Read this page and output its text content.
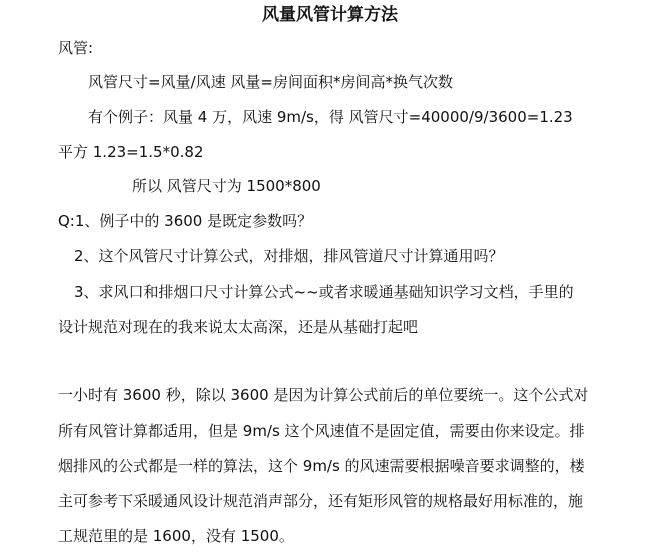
风量风管计算方法
风管:
风管尺寸=风量/风速 风量=房间面积*房间高*换气次数
有个例子：风量 4 万，风速 9m/s，得 风管尺寸=40000/9/3600=1.23
平方 1.23=1.5*0.82
所以 风管尺寸为 1500*800
Q:1、例子中的 3600 是既定参数吗？
2、这个风管尺寸计算公式，对排烟，排风管道尺寸计算通用吗？
3、求风口和排烟口尺寸计算公式~~或者求暖通基础知识学习文档，手里的
设计规范对现在的我来说太太高深，还是从基础打起吧
一小时有 3600 秒，除以 3600 是因为计算公式前后的单位要统一。这个公式对
所有风管计算都适用，但是 9m/s 这个风速值不是固定值，需要由你来设定。排
烟排风的公式都是一样的算法，这个 9m/s 的风速需要根据噪音要求调整的，楼
主可参考下采暖通风设计规范消声部分，还有矩形风管的规格最好用标准的，施
工规范里的是 1600，没有 1500。
